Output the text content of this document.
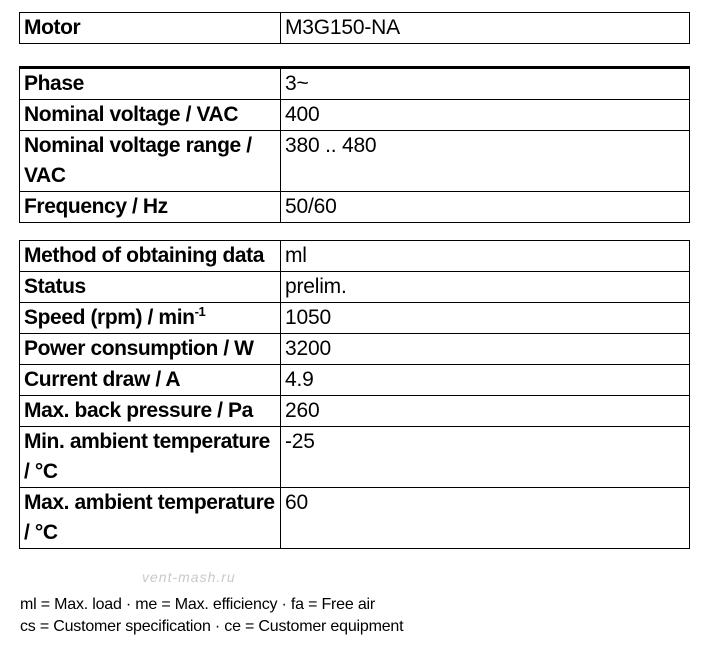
Motor	M3G150-NA
Phase	3~
Nominal voltage / VAC	400
Nominal voltage range / VAC	380 .. 480
Frequency / Hz	50/60
Method of obtaining data	ml
Status	prelim.
Speed $(rpm) / \min^{-1}$	1050
Power consumption / W	3200
Current draw / A	4.9
Max. back pressure / Pa	260
Min. ambient temperature / °C	-25
Max. ambient temperature / °C	60
vent-mash.ru
ml = Max. load · me = Max. efficiency · fa = Free air
cs = Customer specification · ce = Customer equipment
